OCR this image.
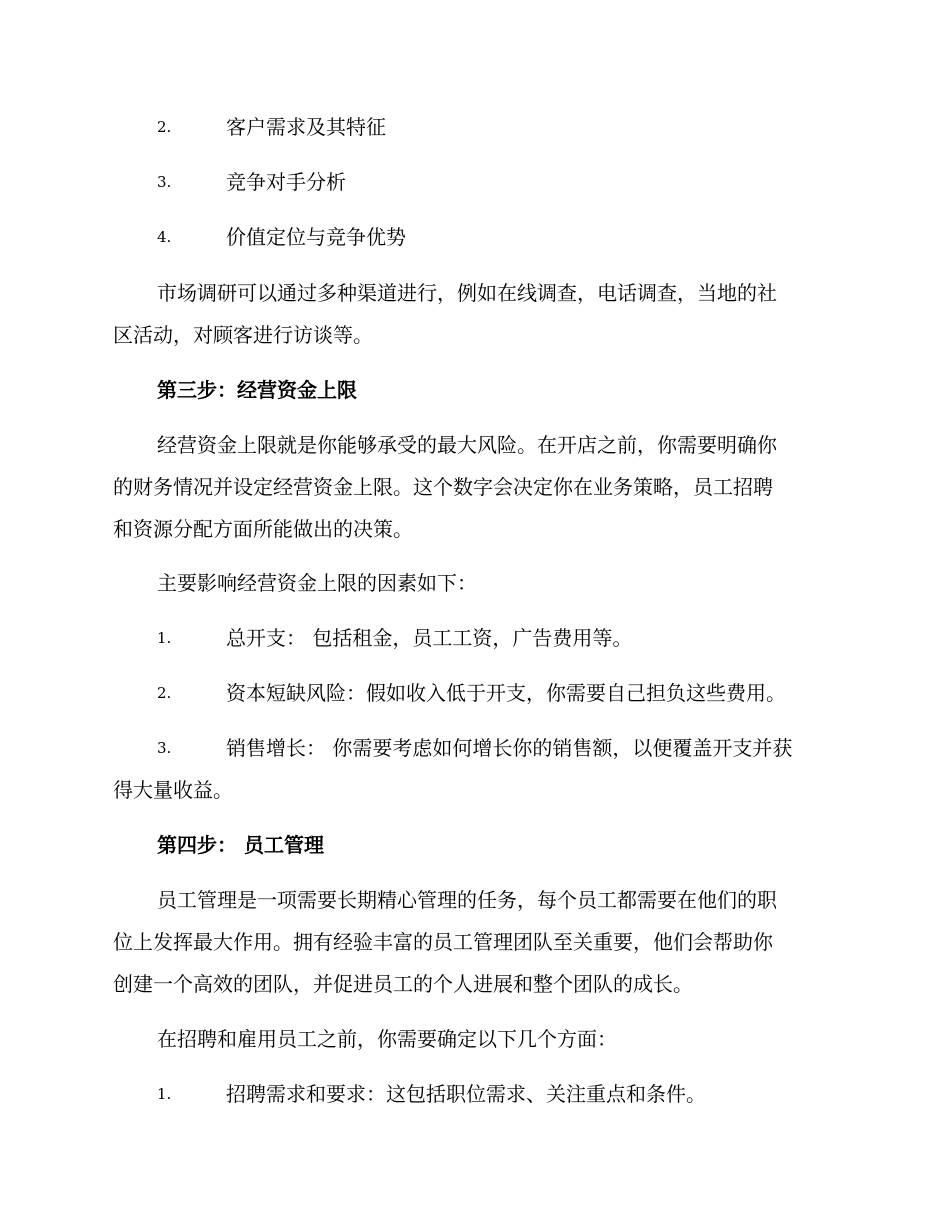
2.	客户需求及其特征
3.	竞争对手分析
4.	价值定位与竞争优势
市场调研可以通过多种渠道进行，例如在线调查，电话调查，当地的社
区活动，对顾客进行访谈等。
第三步：经营资金上限
经营资金上限就是你能够承受的最大风险。在开店之前，你需要明确你
的财务情况并设定经营资金上限。这个数字会决定你在业务策略，员工招聘
和资源分配方面所能做出的决策。
主要影响经营资金上限的因素如下：
1.	总开支： 包括租金，员工工资，广告费用等。
2.	资本短缺风险：假如收入低于开支，你需要自己担负这些费用。
3.	销售增长： 你需要考虑如何增长你的销售额，以便覆盖开支并获
得大量收益。
第四步： 员工管理
员工管理是一项需要长期精心管理的任务，每个员工都需要在他们的职
位上发挥最大作用。拥有经验丰富的员工管理团队至关重要，他们会帮助你
创建一个高效的团队，并促进员工的个人进展和整个团队的成长。
在招聘和雇用员工之前，你需要确定以下几个方面：
1.	招聘需求和要求：这包括职位需求、关注重点和条件。
